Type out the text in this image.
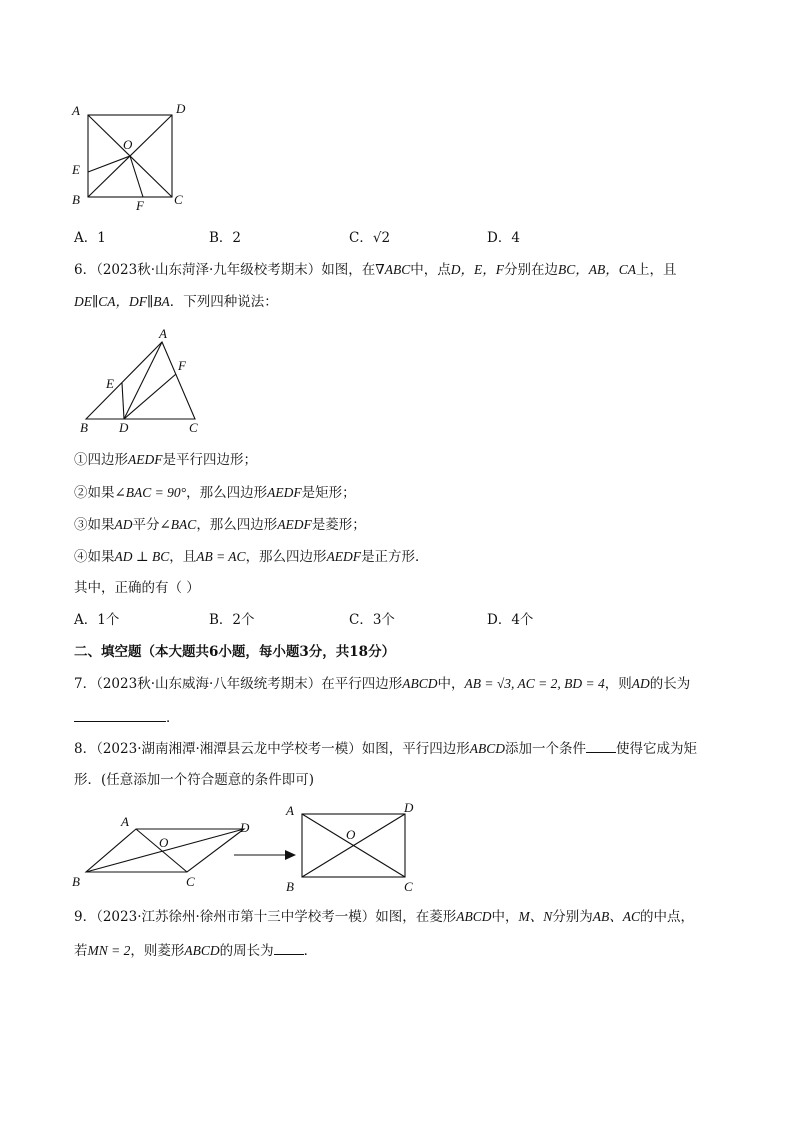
A	D
O
E
B	F C
A．1	B．2	C．√2	D．4
6．（2023秋·山东菏泽·九年级校考期末）如图，在∇ABC中，点D，E，F分别在边BC，AB，CA上，且
DE∥CA，DF∥BA．下列四种说法：
A
E
F
B D	C
①四边形AEDF是平行四边形；
②如果∠BAC = 90°，那么四边形AEDF是矩形；
③如果AD平分∠BAC，那么四边形AEDF是菱形；
④如果AD ⊥ BC，且AB = AC，那么四边形AEDF是正方形．
其中，正确的有（ ）
A．1个	B．2个	C．3个	D．4个
二、填空题（本大题共6小题，每小题3分，共18分）
7．（2023秋·山东威海·八年级统考期末）在平行四边形ABCD中，AB = √3, AC = 2, BD = 4，则AD的长为
．
8．（2023·湖南湘潭·湘潭县云龙中学校考一模）如图，平行四边形ABCD添加一个条件 使得它成为矩
形．(任意添加一个符合题意的条件即可)
A
O
D
B	C
A
O
D
B	C
9．（2023·江苏徐州·徐州市第十三中学校考一模）如图，在菱形ABCD中，M、N分别为AB、AC的中点，
若MN = 2，则菱形ABCD的周长为 ．
